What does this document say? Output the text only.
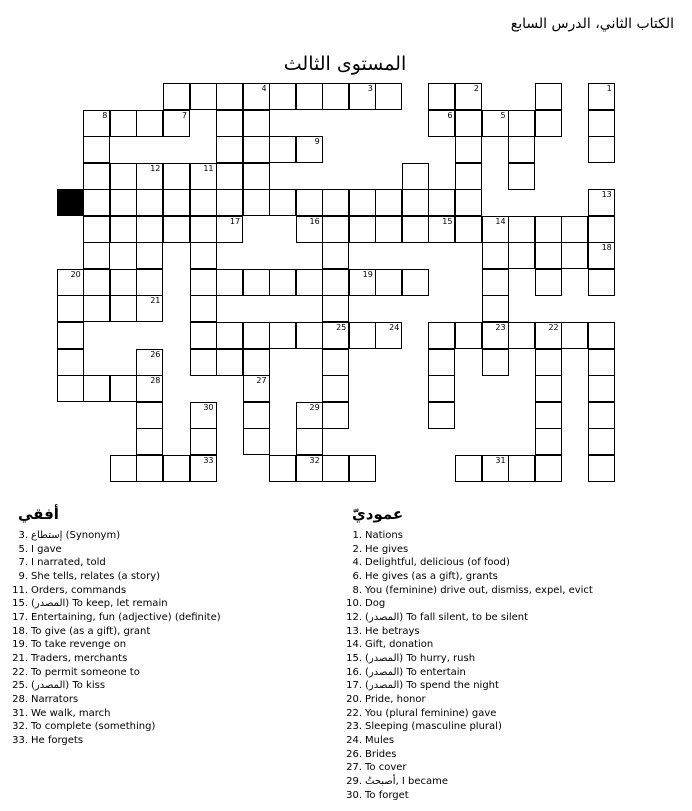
الكتاب الثاني، الدرس السابع
المستوى الثالث
4	3	2	1
8	7	6	5
9
12	11
13
17	16	15	14
18
20	19
21
25	24	23	22
26
28	27
30	29
33	32	31
أفقي
3. إستطاع (Synonym)
5. I gave
7. I narrated, told
9. She tells, relates (a story)
11. Orders, commands
15. (المصدر) To keep, let remain
17. Entertaining, fun (adjective) (definite)
18. To give (as a gift), grant
19. To take revenge on
21. Traders, merchants
22. To permit someone to
25. (المصدر) To kiss
28. Narrators
31. We walk, march
32. To complete (something)
33. He forgets
عموديّ
1. Nations
2. He gives
4. Delightful, delicious (of food)
6. He gives (as a gift), grants
8. You (feminine) drive out, dismiss, expel, evict
10. Dog
12. (المصدر) To fall silent, to be silent
13. He betrays
14. Gift, donation
15. (المصدر) To hurry, rush
16. (المصدر) To entertain
17. (المصدر) To spend the night
20. Pride, honor
22. You (plural feminine) gave
23. Sleeping (masculine plural)
24. Mules
26. Brides
27. To cover
29. أصبحتُ, I became
30. To forget
